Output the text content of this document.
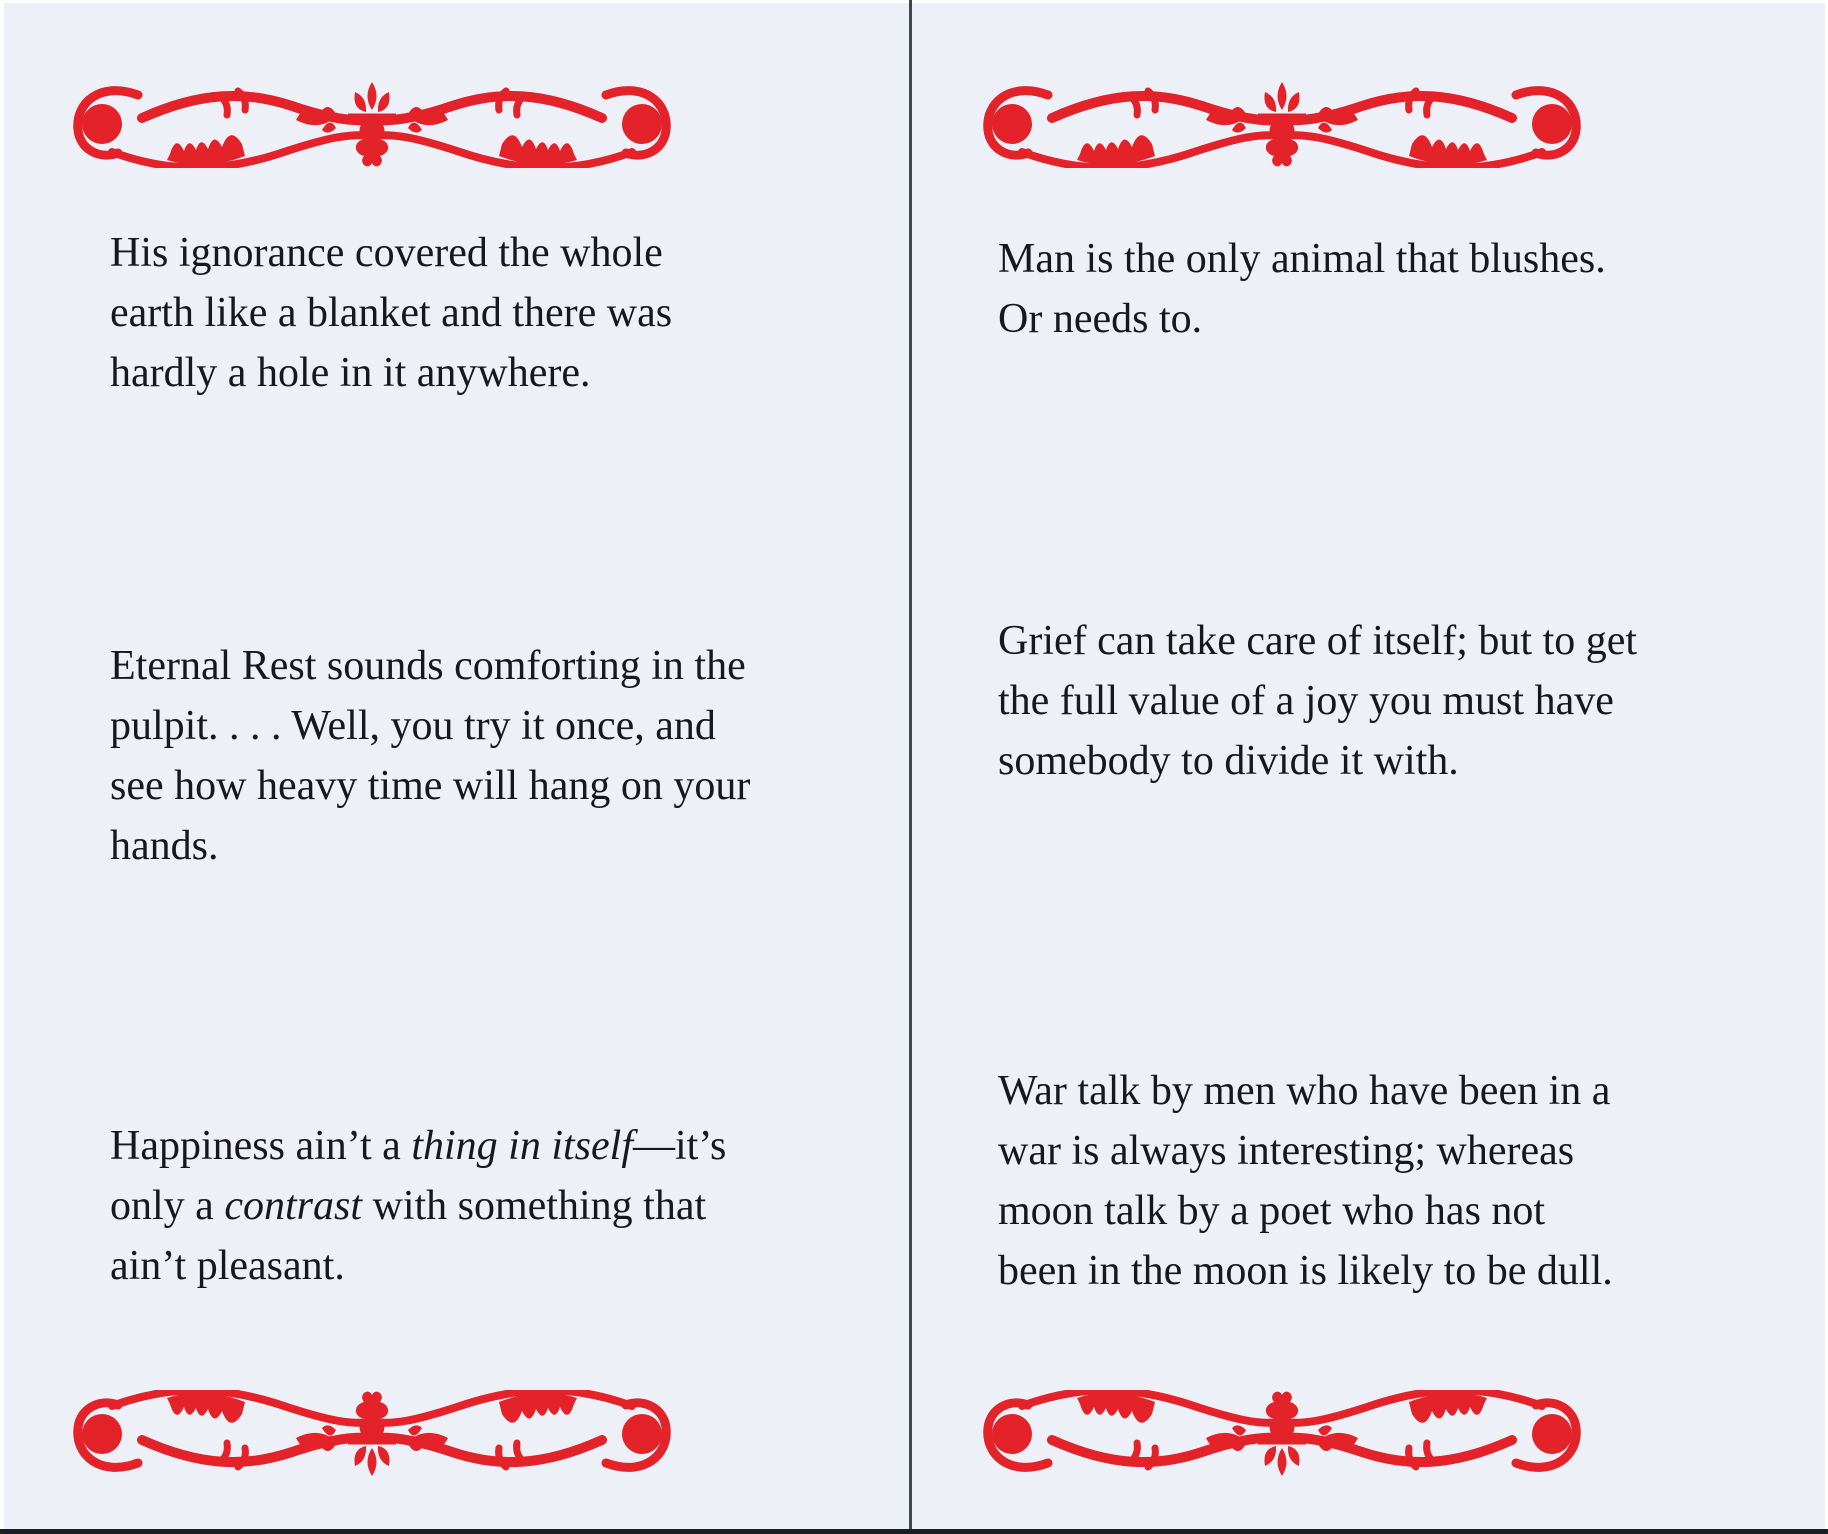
His ignorance covered the whole
earth like a blanket and there was
hardly a hole in it anywhere.
Eternal Rest sounds comforting in the
pulpit. . . . Well, you try it once, and
see how heavy time will hang on your
hands.
Happiness ain’t a thing in itself—it’s
only a contrast with something that
ain’t pleasant.
Man is the only animal that blushes.
Or needs to.
Grief can take care of itself; but to get
the full value of a joy you must have
somebody to divide it with.
War talk by men who have been in a
war is always interesting; whereas
moon talk by a poet who has not
been in the moon is likely to be dull.
